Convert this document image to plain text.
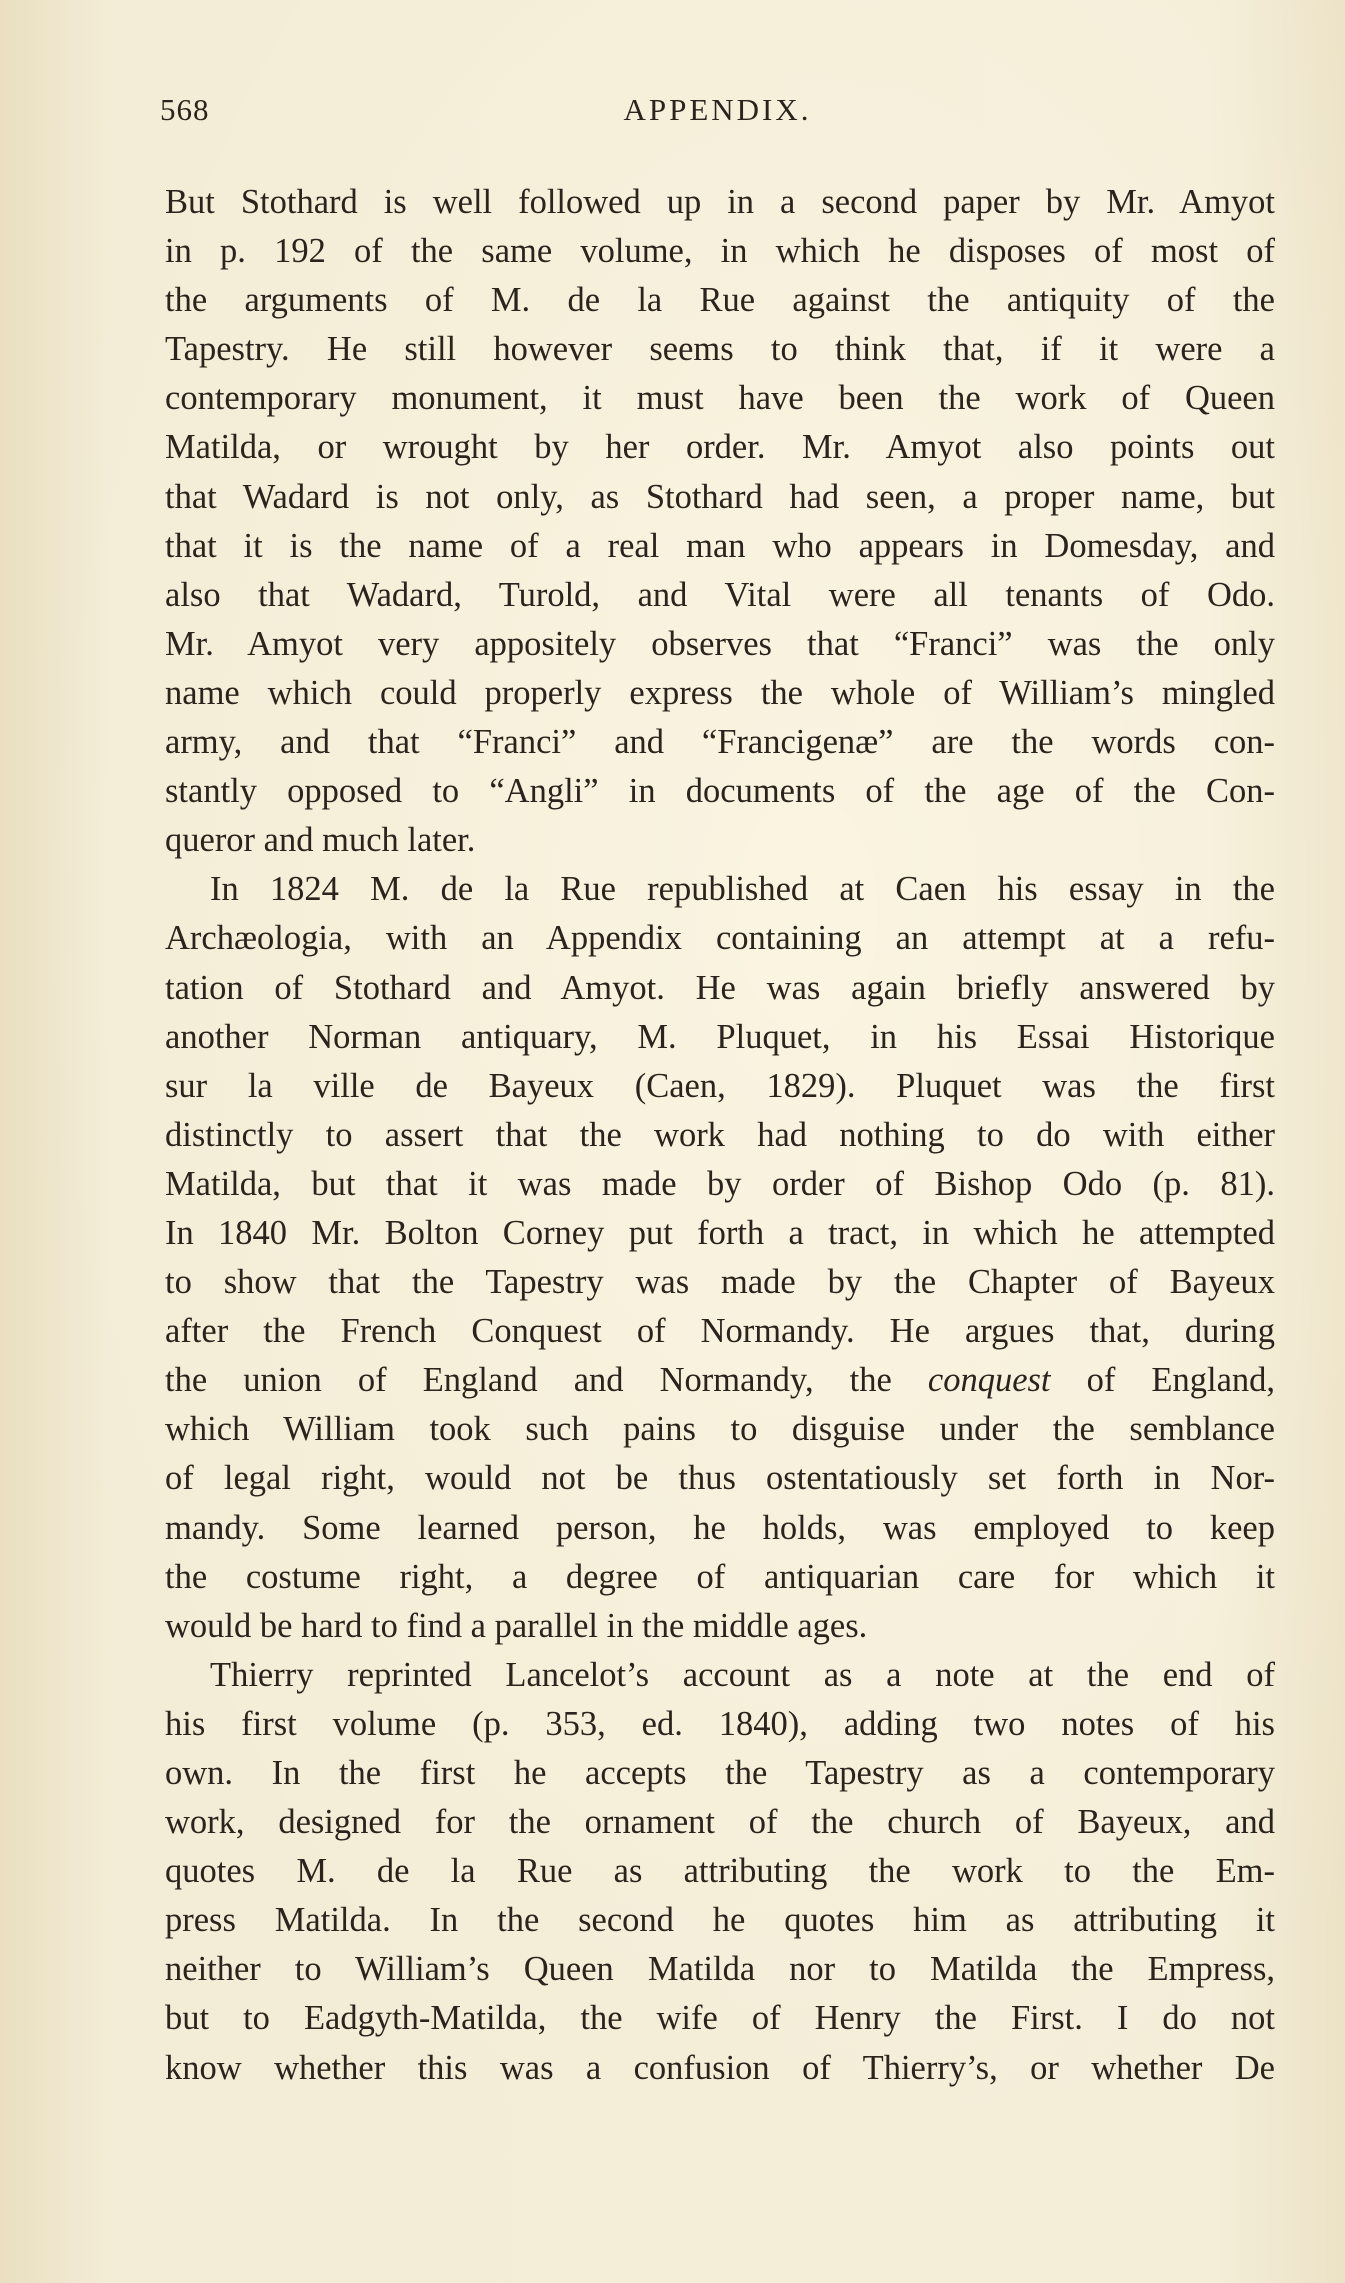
568	APPENDIX.
But Stothard is well followed up in a second paper by Mr. Amyot
in p. 192 of the same volume, in which he disposes of most of
the arguments of M. de la Rue against the antiquity of the
Tapestry. He still however seems to think that, if it were a
contemporary monument, it must have been the work of Queen
Matilda, or wrought by her order. Mr. Amyot also points out
that Wadard is not only, as Stothard had seen, a proper name, but
that it is the name of a real man who appears in Domesday, and
also that Wadard, Turold, and Vital were all tenants of Odo.
Mr. Amyot very appositely observes that “Franci” was the only
name which could properly express the whole of William’s mingled
army, and that “Franci” and “Francigenæ” are the words con-
stantly opposed to “Angli” in documents of the age of the Con-
queror and much later.
In 1824 M. de la Rue republished at Caen his essay in the
Archæologia, with an Appendix containing an attempt at a refu-
tation of Stothard and Amyot. He was again briefly answered by
another Norman antiquary, M. Pluquet, in his Essai Historique
sur la ville de Bayeux (Caen, 1829). Pluquet was the first
distinctly to assert that the work had nothing to do with either
Matilda, but that it was made by order of Bishop Odo (p. 81).
In 1840 Mr. Bolton Corney put forth a tract, in which he attempted
to show that the Tapestry was made by the Chapter of Bayeux
after the French Conquest of Normandy. He argues that, during
the union of England and Normandy, the conquest of England,
which William took such pains to disguise under the semblance
of legal right, would not be thus ostentatiously set forth in Nor-
mandy. Some learned person, he holds, was employed to keep
the costume right, a degree of antiquarian care for which it
would be hard to find a parallel in the middle ages.
Thierry reprinted Lancelot’s account as a note at the end of
his first volume (p. 353, ed. 1840), adding two notes of his
own. In the first he accepts the Tapestry as a contemporary
work, designed for the ornament of the church of Bayeux, and
quotes M. de la Rue as attributing the work to the Em-
press Matilda. In the second he quotes him as attributing it
neither to William’s Queen Matilda nor to Matilda the Empress,
but to Eadgyth-Matilda, the wife of Henry the First. I do not
know whether this was a confusion of Thierry’s, or whether De
